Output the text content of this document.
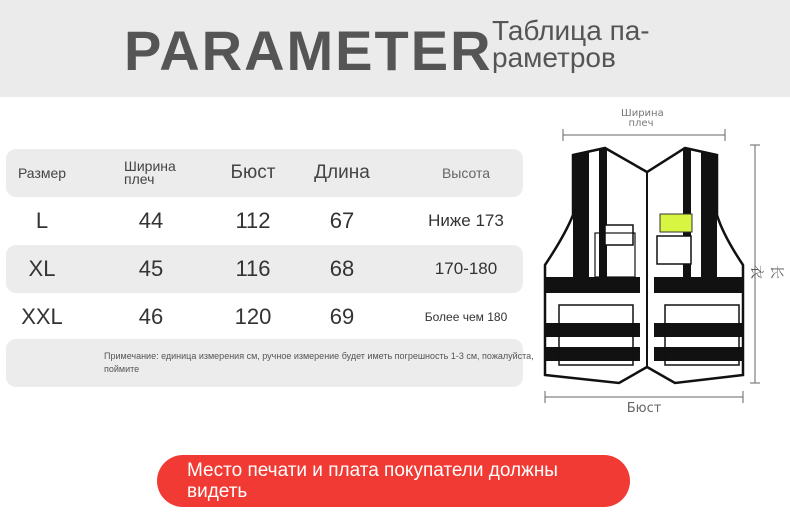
PARAMETER Таблица па-раметров
Размер	Ширина плеч	Бюст	Длина	Высота
L	44	112	67	Ниже 173
XL	45	116	68	170-180
XXL	46	120	69	Более чем 180
Примечание: единица измерения см, ручное измерение будет иметь погрешность 1-3 см, пожалуйста, поймите
Ширина плеч
Бюст
长衣
Место печати и плата покупатели должны видеть
